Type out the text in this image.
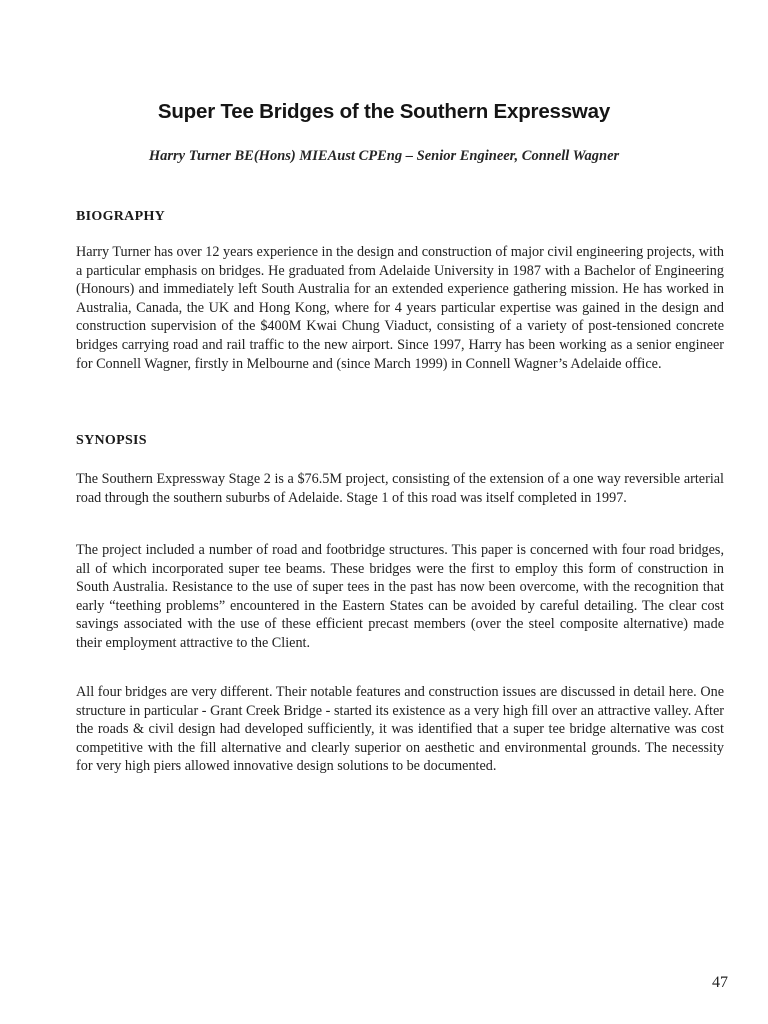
Super Tee Bridges of the Southern Expressway
Harry Turner BE(Hons) MIEAust CPEng – Senior Engineer, Connell Wagner
BIOGRAPHY
Harry Turner has over 12 years experience in the design and construction of major civil engineering projects, with a particular emphasis on bridges. He graduated from Adelaide University in 1987 with a Bachelor of Engineering (Honours) and immediately left South Australia for an extended experience gathering mission. He has worked in Australia, Canada, the UK and Hong Kong, where for 4 years particular expertise was gained in the design and construction supervision of the $400M Kwai Chung Viaduct, consisting of a variety of post-tensioned concrete bridges carrying road and rail traffic to the new airport. Since 1997, Harry has been working as a senior engineer for Connell Wagner, firstly in Melbourne and (since March 1999) in Connell Wagner’s Adelaide office.
SYNOPSIS
The Southern Expressway Stage 2 is a $76.5M project, consisting of the extension of a one way reversible arterial road through the southern suburbs of Adelaide. Stage 1 of this road was itself completed in 1997.
The project included a number of road and footbridge structures. This paper is concerned with four road bridges, all of which incorporated super tee beams. These bridges were the first to employ this form of construction in South Australia. Resistance to the use of super tees in the past has now been overcome, with the recognition that early “teething problems” encountered in the Eastern States can be avoided by careful detailing. The clear cost savings associated with the use of these efficient precast members (over the steel composite alternative) made their employment attractive to the Client.
All four bridges are very different. Their notable features and construction issues are discussed in detail here. One structure in particular - Grant Creek Bridge - started its existence as a very high fill over an attractive valley. After the roads & civil design had developed sufficiently, it was identified that a super tee bridge alternative was cost competitive with the fill alternative and clearly superior on aesthetic and environmental grounds. The necessity for very high piers allowed innovative design solutions to be documented.
47
